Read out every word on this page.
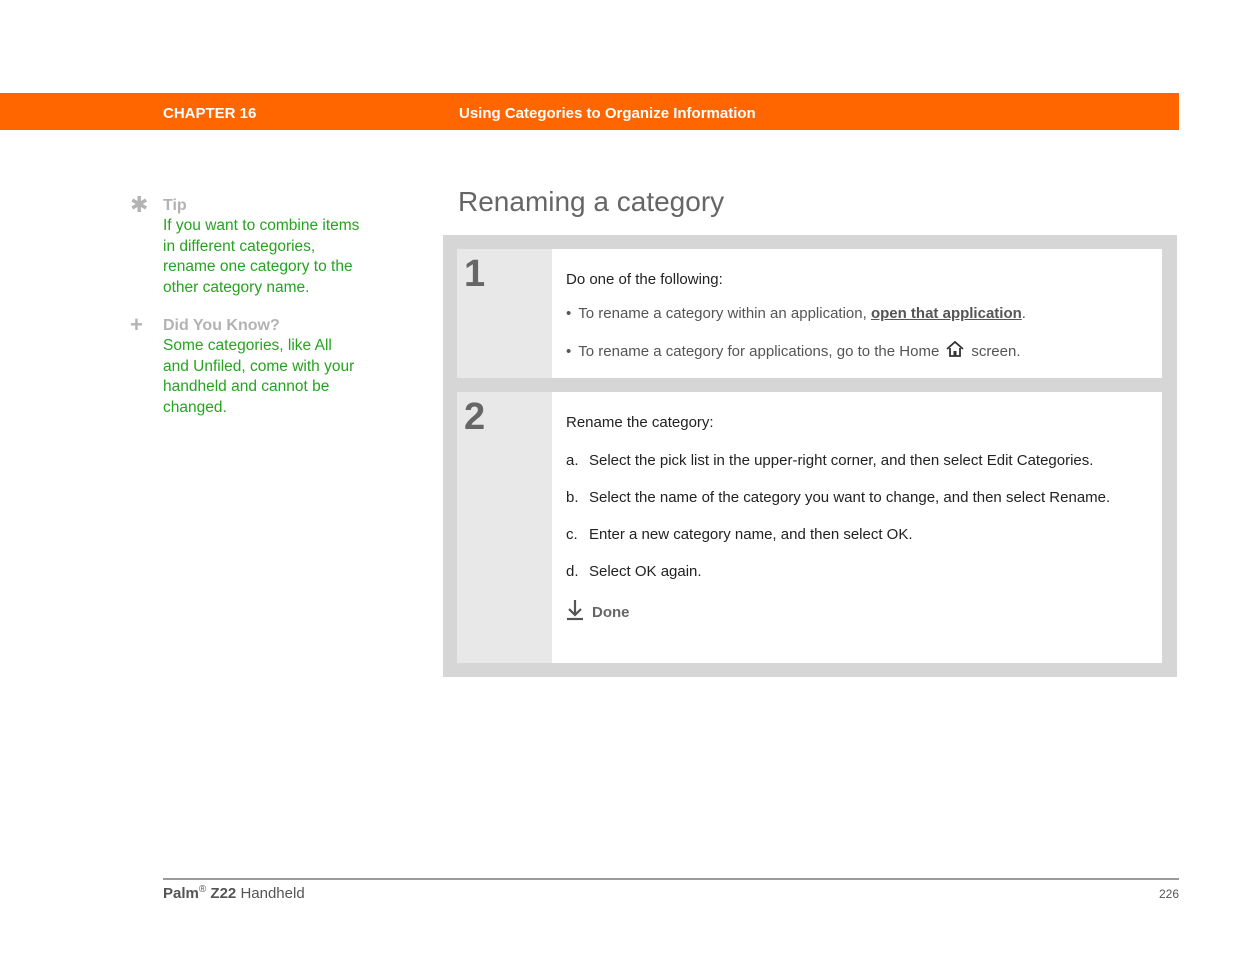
CHAPTER 16	Using Categories to Organize Information
✱ Tip
If you want to combine items in different categories, rename one category to the other category name.
+ Did You Know?
Some categories, like All and Unfiled, come with your handheld and cannot be changed.
Renaming a category
1	Do one of the following:

• To rename a category within an application, open that application.
• To rename a category for applications, go to the Home screen.
2	Rename the category:

a. Select the pick list in the upper-right corner, and then select Edit Categories.
b. Select the name of the category you want to change, and then select Rename.
c. Enter a new category name, and then select OK.
d. Select OK again.
Done
Palm® Z22 Handheld	226
